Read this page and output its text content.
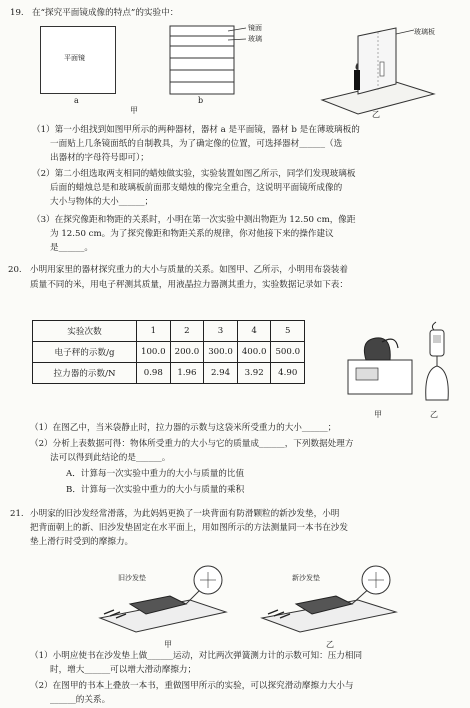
19. 在“探究平面镜成像的特点”的实验中：
平面镜
a
镜面
玻璃
b
甲
玻璃板
乙
（1）第一小组找到如图甲所示的两种器材，器材 a 是平面镜，器材 b 是在薄玻璃板的
一面贴上几条镜面纸的自制教具，为了确定像的位置，可选择器材______（选
出器材的字母符号即可）；
（2）第二小组选取两支相同的蜡烛做实验，实验装置如图乙所示，同学们发现玻璃板
后面的蜡烛总是和玻璃板前面那支蜡烛的像完全重合，这说明平面镜所成像的
大小与物体的大小______；
（3）在探究像距和物距的关系时，小明在第一次实验中测出物距为 12.50 cm，像距
为 12.50 cm。为了探究像距和物距关系的规律，你对他接下来的操作建议
是______。
20. 小明用家里的器材探究重力的大小与质量的关系。如图甲、乙所示，小明用布袋装着
质量不同的米，用电子秤测其质量，用液晶拉力器测其重力，实验数据记录如下表：
实验次数	1	2	3	4	5
电子秤的示数/g	100.0	200.0	300.0	400.0	500.0
拉力器的示数/N	0.98	1.96	2.94	3.92	4.90
甲	乙
（1）在图乙中，当米袋静止时，拉力器的示数与这袋米所受重力的大小______；
（2）分析上表数据可得：物体所受重力的大小与它的质量成______，下列数据处理方
法可以得到此结论的是______。
A．计算每一次实验中重力的大小与质量的比值
B．计算每一次实验中重力的大小与质量的乘积
21. 小明家的旧沙发经常滑落，为此妈妈更换了一块背面有防滑颗粒的新沙发垫，小明
把背面朝上的新、旧沙发垫固定在水平面上，用如图所示的方法测量同一本书在沙发
垫上滑行时受到的摩擦力。
旧沙发垫
甲
新沙发垫
乙
（1）小明应使书在沙发垫上做______运动，对比两次弹簧测力计的示数可知：压力相同
时，增大______可以增大滑动摩擦力；
（2）在图甲的书本上叠放一本书，重做图甲所示的实验，可以探究滑动摩擦力大小与
______的关系。
